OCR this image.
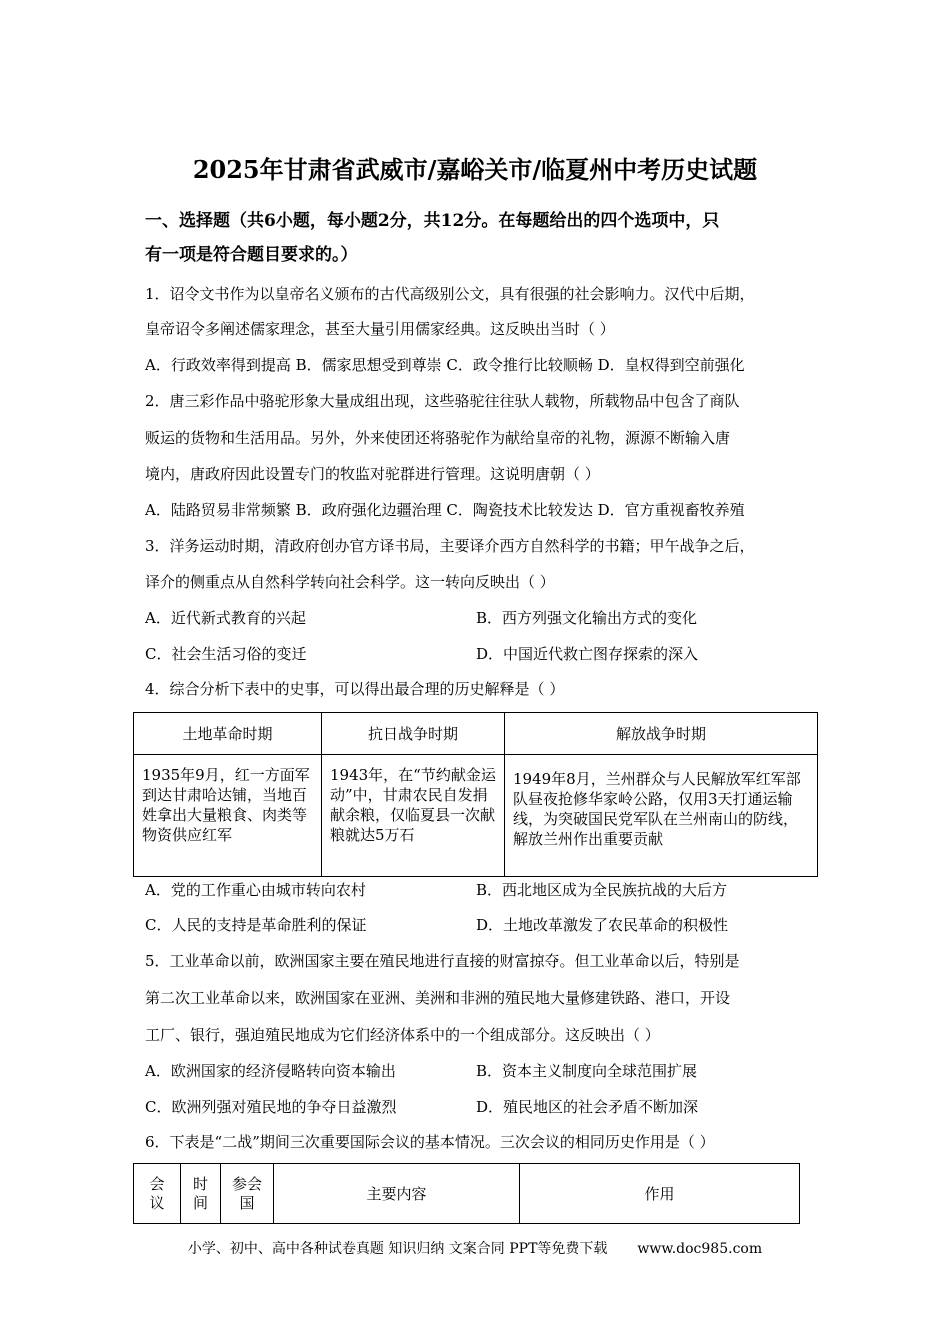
2025年甘肃省武威市/嘉峪关市/临夏州中考历史试题
一、选择题（共6小题，每小题2分，共12分。在每题给出的四个选项中，只
有一项是符合题目要求的。）
1．诏令文书作为以皇帝名义颁布的古代高级别公文，具有很强的社会影响力。汉代中后期，
皇帝诏令多阐述儒家理念，甚至大量引用儒家经典。这反映出当时（ ）
A．行政效率得到提高 B．儒家思想受到尊崇 C．政令推行比较顺畅 D．皇权得到空前强化
2．唐三彩作品中骆驼形象大量成组出现，这些骆驼往往驮人载物，所载物品中包含了商队
贩运的货物和生活用品。另外，外来使团还将骆驼作为献给皇帝的礼物，源源不断输入唐
境内，唐政府因此设置专门的牧监对驼群进行管理。这说明唐朝（ ）
A．陆路贸易非常频繁 B．政府强化边疆治理 C．陶瓷技术比较发达 D．官方重视畜牧养殖
3．洋务运动时期，清政府创办官方译书局，主要译介西方自然科学的书籍；甲午战争之后，
译介的侧重点从自然科学转向社会科学。这一转向反映出（ ）
A．近代新式教育的兴起	B．西方列强文化输出方式的变化
C．社会生活习俗的变迁	D．中国近代救亡图存探索的深入
4．综合分析下表中的史事，可以得出最合理的历史解释是（ ）
土地革命时期	抗日战争时期	解放战争时期
1935年9月，红一方面军到达甘肃哈达铺，当地百姓拿出大量粮食、肉类等物资供应红军	1943年，在“节约献金运动”中，甘肃农民自发捐献余粮，仅临夏县一次献粮就达5万石	1949年8月，兰州群众与人民解放军红军部队昼夜抢修华家岭公路，仅用3天打通运输线，为突破国民党军队在兰州南山的防线，解放兰州作出重要贡献
A．党的工作重心由城市转向农村	B．西北地区成为全民族抗战的大后方
C．人民的支持是革命胜利的保证	D．土地改革激发了农民革命的积极性
5．工业革命以前，欧洲国家主要在殖民地进行直接的财富掠夺。但工业革命以后，特别是
第二次工业革命以来，欧洲国家在亚洲、美洲和非洲的殖民地大量修建铁路、港口，开设
工厂、银行，强迫殖民地成为它们经济体系中的一个组成部分。这反映出（ ）
A．欧洲国家的经济侵略转向资本输出	B．资本主义制度向全球范围扩展
C．欧洲列强对殖民地的争夺日益激烈	D．殖民地区的社会矛盾不断加深
6．下表是“二战”期间三次重要国际会议的基本情况。三次会议的相同历史作用是（ ）
会议	时间	参会国	主要内容	作用
小学、初中、高中各种试卷真题 知识归纳 文案合同 PPT等免费下载 www.doc985.com
